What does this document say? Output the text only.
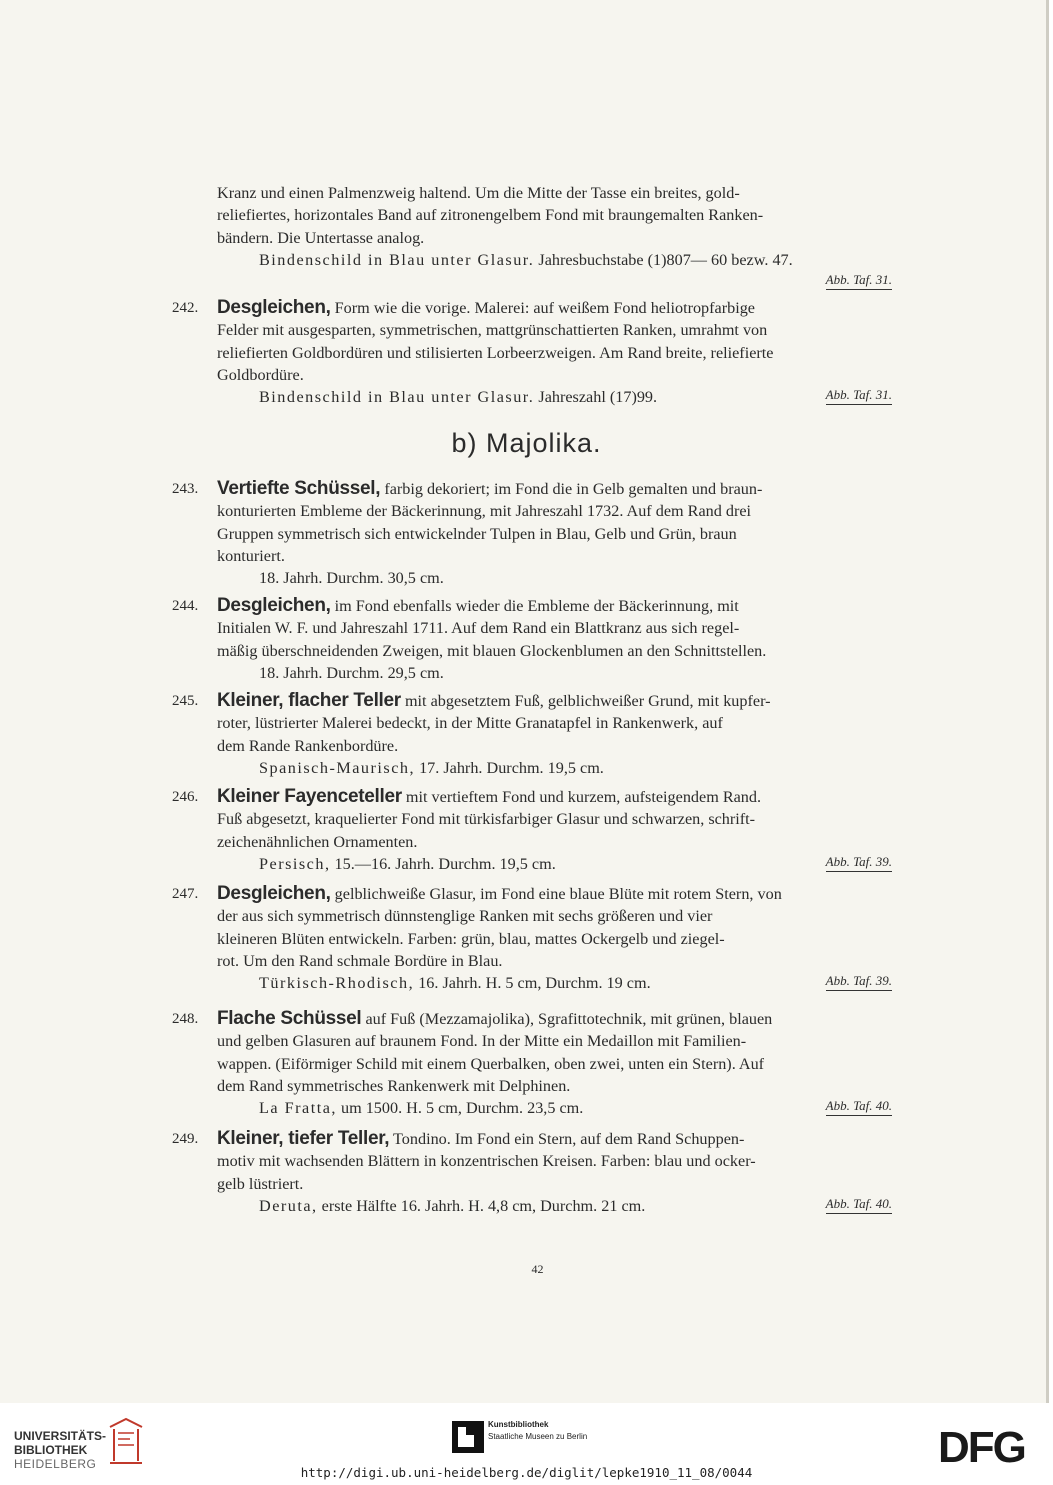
Kranz und einen Palmenzweig haltend. Um die Mitte der Tasse ein breites, gold-

reliefiertes, horizontales Band auf zitronengelbem Fond mit braungemalten Ranken-

bändern. Die Untertasse analog.

Bindenschild in Blau unter Glasur. Jahresbuchstabe (1)807— 60 bezw. 47.
Abb. Taf. 31.
242. Desgleichen, Form wie die vorige. Malerei: auf weißem Fond heliotropfarbige

Felder mit ausgesparten, symmetrischen, mattgrünschattierten Ranken, umrahmt von

reliefierten Goldbordüren und stilisierten Lorbeerzweigen. Am Rand breite, reliefierte

Goldbordüre.

Bindenschild in Blau unter Glasur. Jahreszahl (17)99.	Abb. Taf. 31.
b) Majolika.
243. Vertiefte Schüssel, farbig dekoriert; im Fond die in Gelb gemalten und braun-

konturierten Embleme der Bäckerinnung, mit Jahreszahl 1732. Auf dem Rand drei

Gruppen symmetrisch sich entwickelnder Tulpen in Blau, Gelb und Grün, braun

konturiert.

18. Jahrh. Durchm. 30,5 cm.
244. Desgleichen, im Fond ebenfalls wieder die Embleme der Bäckerinnung, mit

Initialen W. F. und Jahreszahl 1711. Auf dem Rand ein Blattkranz aus sich regel-

mäßig überschneidenden Zweigen, mit blauen Glockenblumen an den Schnittstellen.

18. Jahrh. Durchm. 29,5 cm.
245. Kleiner, flacher Teller mit abgesetztem Fuß, gelblichweißer Grund, mit kupfer-

roter, lüstrierter Malerei bedeckt, in der Mitte Granatapfel in Rankenwerk, auf

dem Rande Rankenbordüre.

Spanisch-Maurisch, 17. Jahrh. Durchm. 19,5 cm.
246. Kleiner Fayenceteller mit vertieftem Fond und kurzem, aufsteigendem Rand.

Fuß abgesetzt, kraquelierter Fond mit türkisfarbiger Glasur und schwarzen, schrift-

zeichenähnlichen Ornamenten.

Persisch, 15.—16. Jahrh. Durchm. 19,5 cm.	Abb. Taf. 39.
247. Desgleichen, gelblichweiße Glasur, im Fond eine blaue Blüte mit rotem Stern, von

der aus sich symmetrisch dünnstenglige Ranken mit sechs größeren und vier

kleineren Blüten entwickeln. Farben: grün, blau, mattes Ockergelb und ziegel-

rot. Um den Rand schmale Bordüre in Blau.

Türkisch-Rhodisch, 16. Jahrh. H. 5 cm, Durchm. 19 cm.	Abb. Taf. 39.
248. Flache Schüssel auf Fuß (Mezzamajolika), Sgrafittotechnik, mit grünen, blauen

und gelben Glasuren auf braunem Fond. In der Mitte ein Medaillon mit Familien-

wappen. (Eiförmiger Schild mit einem Querbalken, oben zwei, unten ein Stern). Auf

dem Rand symmetrisches Rankenwerk mit Delphinen.

La Fratta, um 1500. H. 5 cm, Durchm. 23,5 cm.	Abb. Taf. 40.
249. Kleiner, tiefer Teller, Tondino. Im Fond ein Stern, auf dem Rand Schuppen-

motiv mit wachsenden Blättern in konzentrischen Kreisen. Farben: blau und ocker-

gelb lüstriert.

Deruta, erste Hälfte 16. Jahrh. H. 4,8 cm, Durchm. 21 cm.	Abb. Taf. 40.
42
UNIVERSITÄTS-
BIBLIOTHEK
HEIDELBERG
Kunstbibliothek
Staatliche Museen zu Berlin	DFG
http://digi.ub.uni-heidelberg.de/diglit/lepke1910_11_08/0044
